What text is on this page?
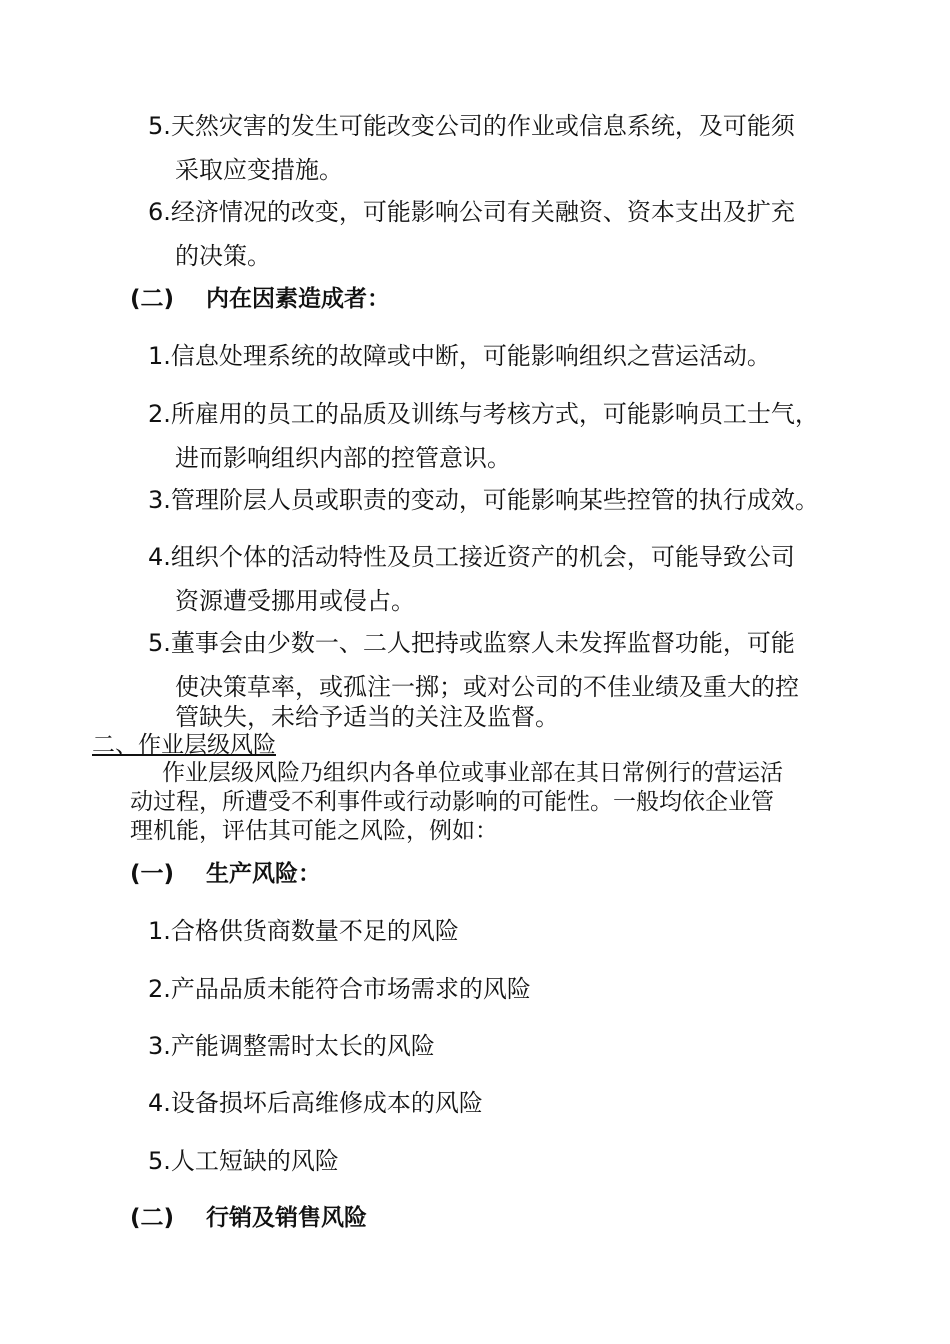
5.天然灾害的发生可能改变公司的作业或信息系统，及可能须
采取应变措施。
6.经济情况的改变，可能影响公司有关融资、资本支出及扩充
的决策。
(二) 内在因素造成者：
1.信息处理系统的故障或中断，可能影响组织之营运活动。
2.所雇用的员工的品质及训练与考核方式，可能影响员工士气，
进而影响组织内部的控管意识。
3.管理阶层人员或职责的变动，可能影响某些控管的执行成效。
4.组织个体的活动特性及员工接近资产的机会，可能导致公司
资源遭受挪用或侵占。
5.董事会由少数一、二人把持或监察人未发挥监督功能，可能
使决策草率，或孤注一掷；或对公司的不佳业绩及重大的控
管缺失，未给予适当的关注及监督。
二、作业层级风险
作业层级风险乃组织内各单位或事业部在其日常例行的营运活
动过程，所遭受不利事件或行动影响的可能性。一般均依企业管
理机能，评估其可能之风险，例如：
(一) 生产风险：
1.合格供货商数量不足的风险
2.产品品质未能符合市场需求的风险
3.产能调整需时太长的风险
4.设备损坏后高维修成本的风险
5.人工短缺的风险
(二) 行销及销售风险
